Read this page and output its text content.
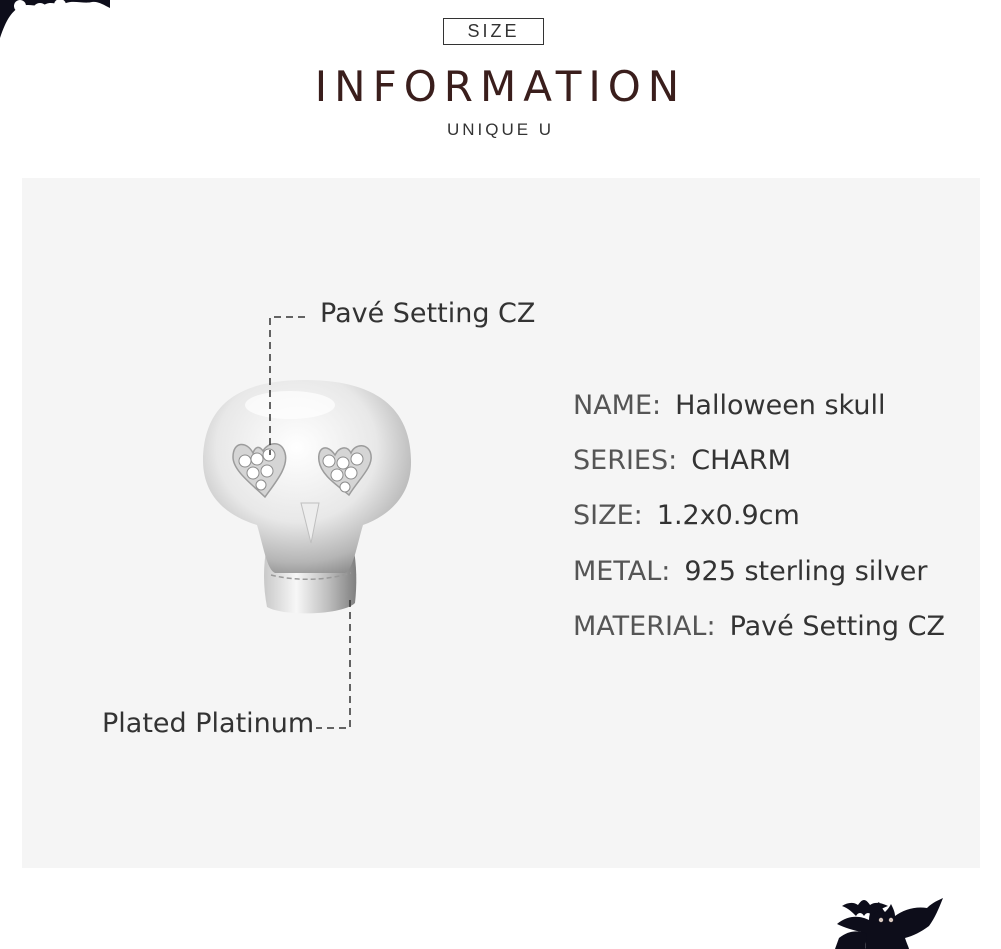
SIZE
INFORMATION
UNIQUE U
Pavé Setting CZ
Plated Platinum
NAME: Halloween skull
SERIES: CHARM
SIZE: 1.2x0.9cm
METAL: 925 sterling silver
MATERIAL: Pavé Setting CZ
